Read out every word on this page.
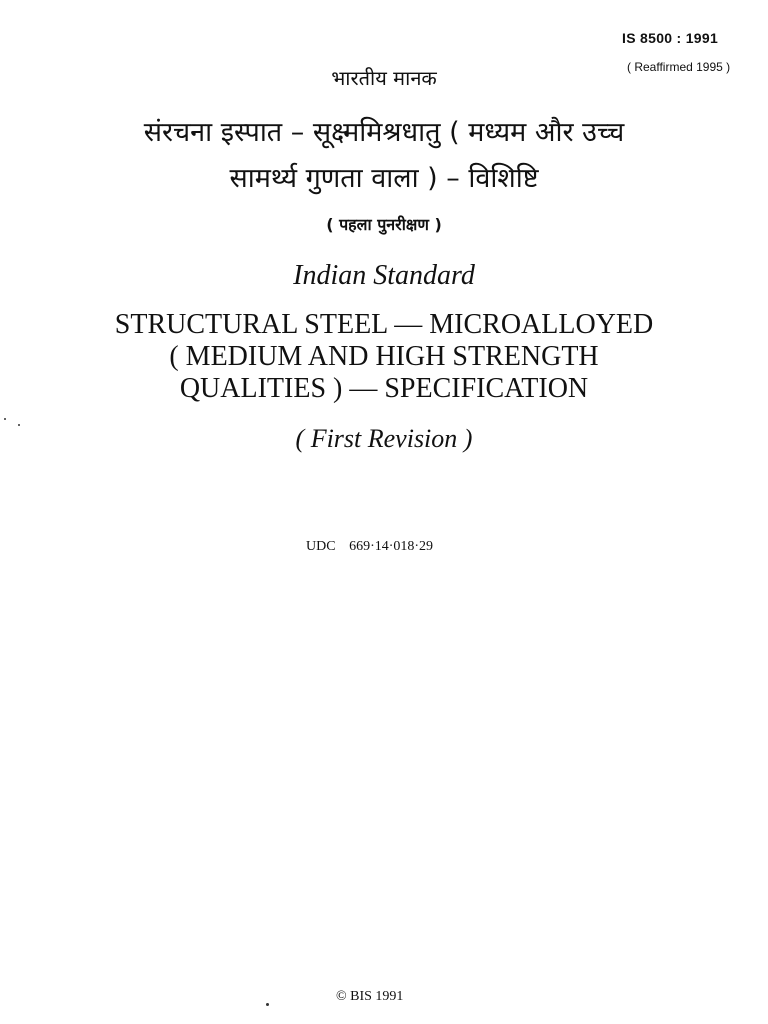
IS 8500 : 1991
( Reaffirmed 1995 )
भारतीय मानक
संरचना इस्पात – सूक्ष्ममिश्रधातु ( मध्यम और उच्च
सामर्थ्य गुणता वाला ) – विशिष्टि
( पहला पुनरीक्षण )
Indian Standard
STRUCTURAL STEEL — MICROALLOYED
( MEDIUM AND HIGH STRENGTH
QUALITIES ) — SPECIFICATION
( First Revision )
UDC 669·14·018·29
© BIS 1991
